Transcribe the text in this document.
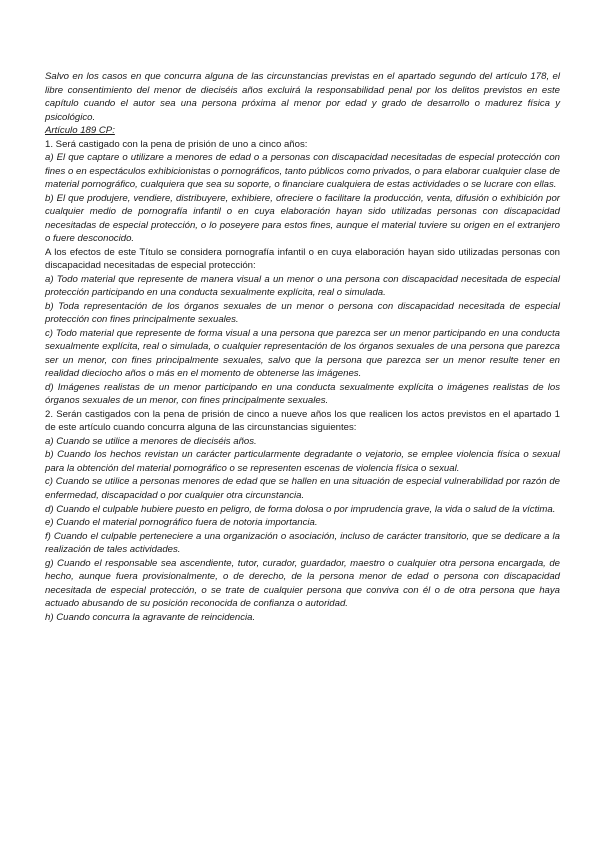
Salvo en los casos en que concurra alguna de las circunstancias previstas en el apartado segundo del artículo 178, el libre consentimiento del menor de dieciséis años excluirá la responsabilidad penal por los delitos previstos en este capítulo cuando el autor sea una persona próxima al menor por edad y grado de desarrollo o madurez física y psicológico.

Artículo 189 CP:

1. Será castigado con la pena de prisión de uno a cinco años:

a) El que captare o utilizare a menores de edad o a personas con discapacidad necesitadas de especial protección con fines o en espectáculos exhibicionistas o pornográficos, tanto públicos como privados, o para elaborar cualquier clase de material pornográfico, cualquiera que sea su soporte, o financiare cualquiera de estas actividades o se lucrare con ellas.

b) El que produjere, vendiere, distribuyere, exhibiere, ofreciere o facilitare la producción, venta, difusión o exhibición por cualquier medio de pornografía infantil o en cuya elaboración hayan sido utilizadas personas con discapacidad necesitadas de especial protección, o lo poseyere para estos fines, aunque el material tuviere su origen en el extranjero o fuere desconocido.

A los efectos de este Título se considera pornografía infantil o en cuya elaboración hayan sido utilizadas personas con discapacidad necesitadas de especial protección:

a) Todo material que represente de manera visual a un menor o una persona con discapacidad necesitada de especial protección participando en una conducta sexualmente explícita, real o simulada.

b) Toda representación de los órganos sexuales de un menor o persona con discapacidad necesitada de especial protección con fines principalmente sexuales.

c) Todo material que represente de forma visual a una persona que parezca ser un menor participando en una conducta sexualmente explícita, real o simulada, o cualquier representación de los órganos sexuales de una persona que parezca ser un menor, con fines principalmente sexuales, salvo que la persona que parezca ser un menor resulte tener en realidad dieciocho años o más en el momento de obtenerse las imágenes.

d) Imágenes realistas de un menor participando en una conducta sexualmente explícita o imágenes realistas de los órganos sexuales de un menor, con fines principalmente sexuales.

2. Serán castigados con la pena de prisión de cinco a nueve años los que realicen los actos previstos en el apartado 1 de este artículo cuando concurra alguna de las circunstancias siguientes:

a) Cuando se utilice a menores de dieciséis años.

b) Cuando los hechos revistan un carácter particularmente degradante o vejatorio, se emplee violencia física o sexual para la obtención del material pornográfico o se representen escenas de violencia física o sexual.

c) Cuando se utilice a personas menores de edad que se hallen en una situación de especial vulnerabilidad por razón de enfermedad, discapacidad o por cualquier otra circunstancia.

d) Cuando el culpable hubiere puesto en peligro, de forma dolosa o por imprudencia grave, la vida o salud de la víctima.

e) Cuando el material pornográfico fuera de notoria importancia.

f) Cuando el culpable perteneciere a una organización o asociación, incluso de carácter transitorio, que se dedicare a la realización de tales actividades.

g) Cuando el responsable sea ascendiente, tutor, curador, guardador, maestro o cualquier otra persona encargada, de hecho, aunque fuera provisionalmente, o de derecho, de la persona menor de edad o persona con discapacidad necesitada de especial protección, o se trate de cualquier persona que conviva con él o de otra persona que haya actuado abusando de su posición reconocida de confianza o autoridad.

h) Cuando concurra la agravante de reincidencia.
